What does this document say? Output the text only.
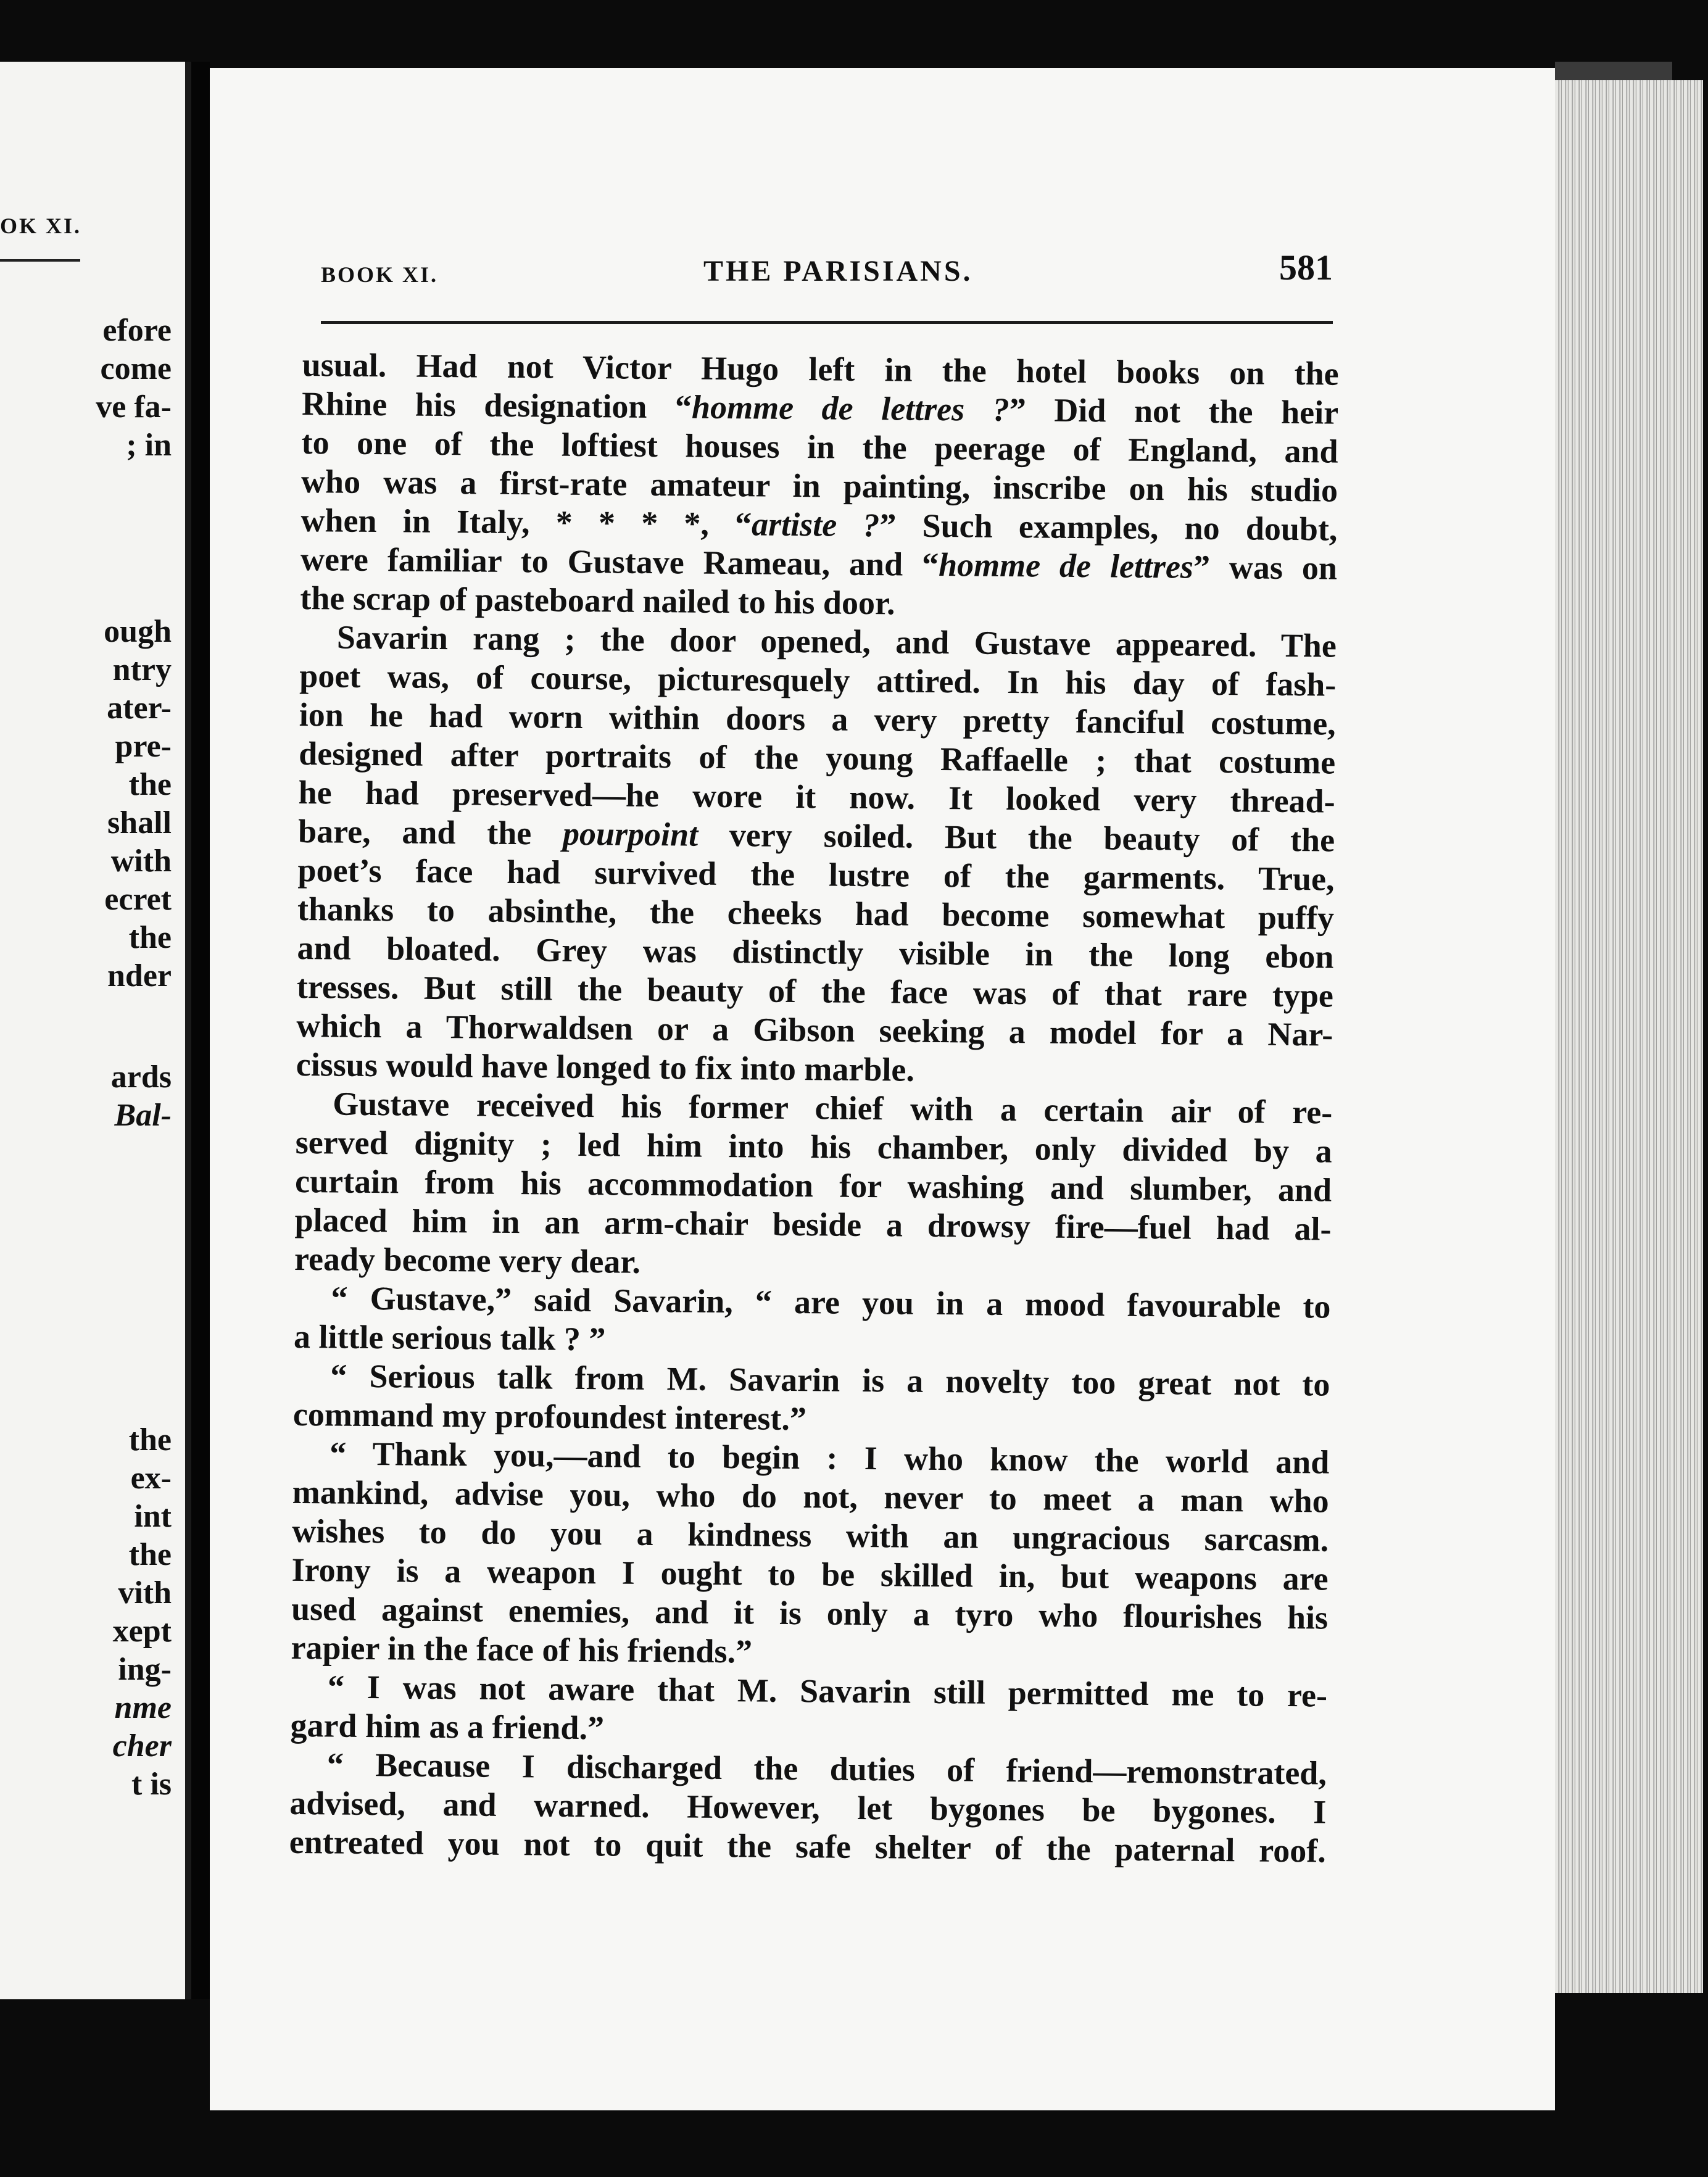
OK XI.
efore
come
ve fa-
; in
ough
ntry
ater-
pre-
the
shall
with
ecret
the
nder
ards
Bal-
the
ex-
int
the
vith
xept
ing-
nme
cher
t is
BOOK XI.	THE PARISIANS.	581
usual. Had not Victor Hugo left in the hotel books on the
Rhine his designation “homme de lettres ?” Did not the heir
to one of the loftiest houses in the peerage of England, and
who was a first-rate amateur in painting, inscribe on his studio
when in Italy, * * * *, “artiste ?” Such examples, no doubt,
were familiar to Gustave Rameau, and “homme de lettres” was on
the scrap of pasteboard nailed to his door.
Savarin rang ; the door opened, and Gustave appeared. The
poet was, of course, picturesquely attired. In his day of fash-
ion he had worn within doors a very pretty fanciful costume,
designed after portraits of the young Raffaelle ; that costume
he had preserved—he wore it now. It looked very thread-
bare, and the pourpoint very soiled. But the beauty of the
poet’s face had survived the lustre of the garments. True,
thanks to absinthe, the cheeks had become somewhat puffy
and bloated. Grey was distinctly visible in the long ebon
tresses. But still the beauty of the face was of that rare type
which a Thorwaldsen or a Gibson seeking a model for a Nar-
cissus would have longed to fix into marble.
Gustave received his former chief with a certain air of re-
served dignity ; led him into his chamber, only divided by a
curtain from his accommodation for washing and slumber, and
placed him in an arm-chair beside a drowsy fire—fuel had al-
ready become very dear.
“ Gustave,” said Savarin, “ are you in a mood favourable to
a little serious talk ? ”
“ Serious talk from M. Savarin is a novelty too great not to
command my profoundest interest.”
“ Thank you,—and to begin : I who know the world and
mankind, advise you, who do not, never to meet a man who
wishes to do you a kindness with an ungracious sarcasm.
Irony is a weapon I ought to be skilled in, but weapons are
used against enemies, and it is only a tyro who flourishes his
rapier in the face of his friends.”
“ I was not aware that M. Savarin still permitted me to re-
gard him as a friend.”
“ Because I discharged the duties of friend—remonstrated,
advised, and warned. However, let bygones be bygones. I
entreated you not to quit the safe shelter of the paternal roof.
